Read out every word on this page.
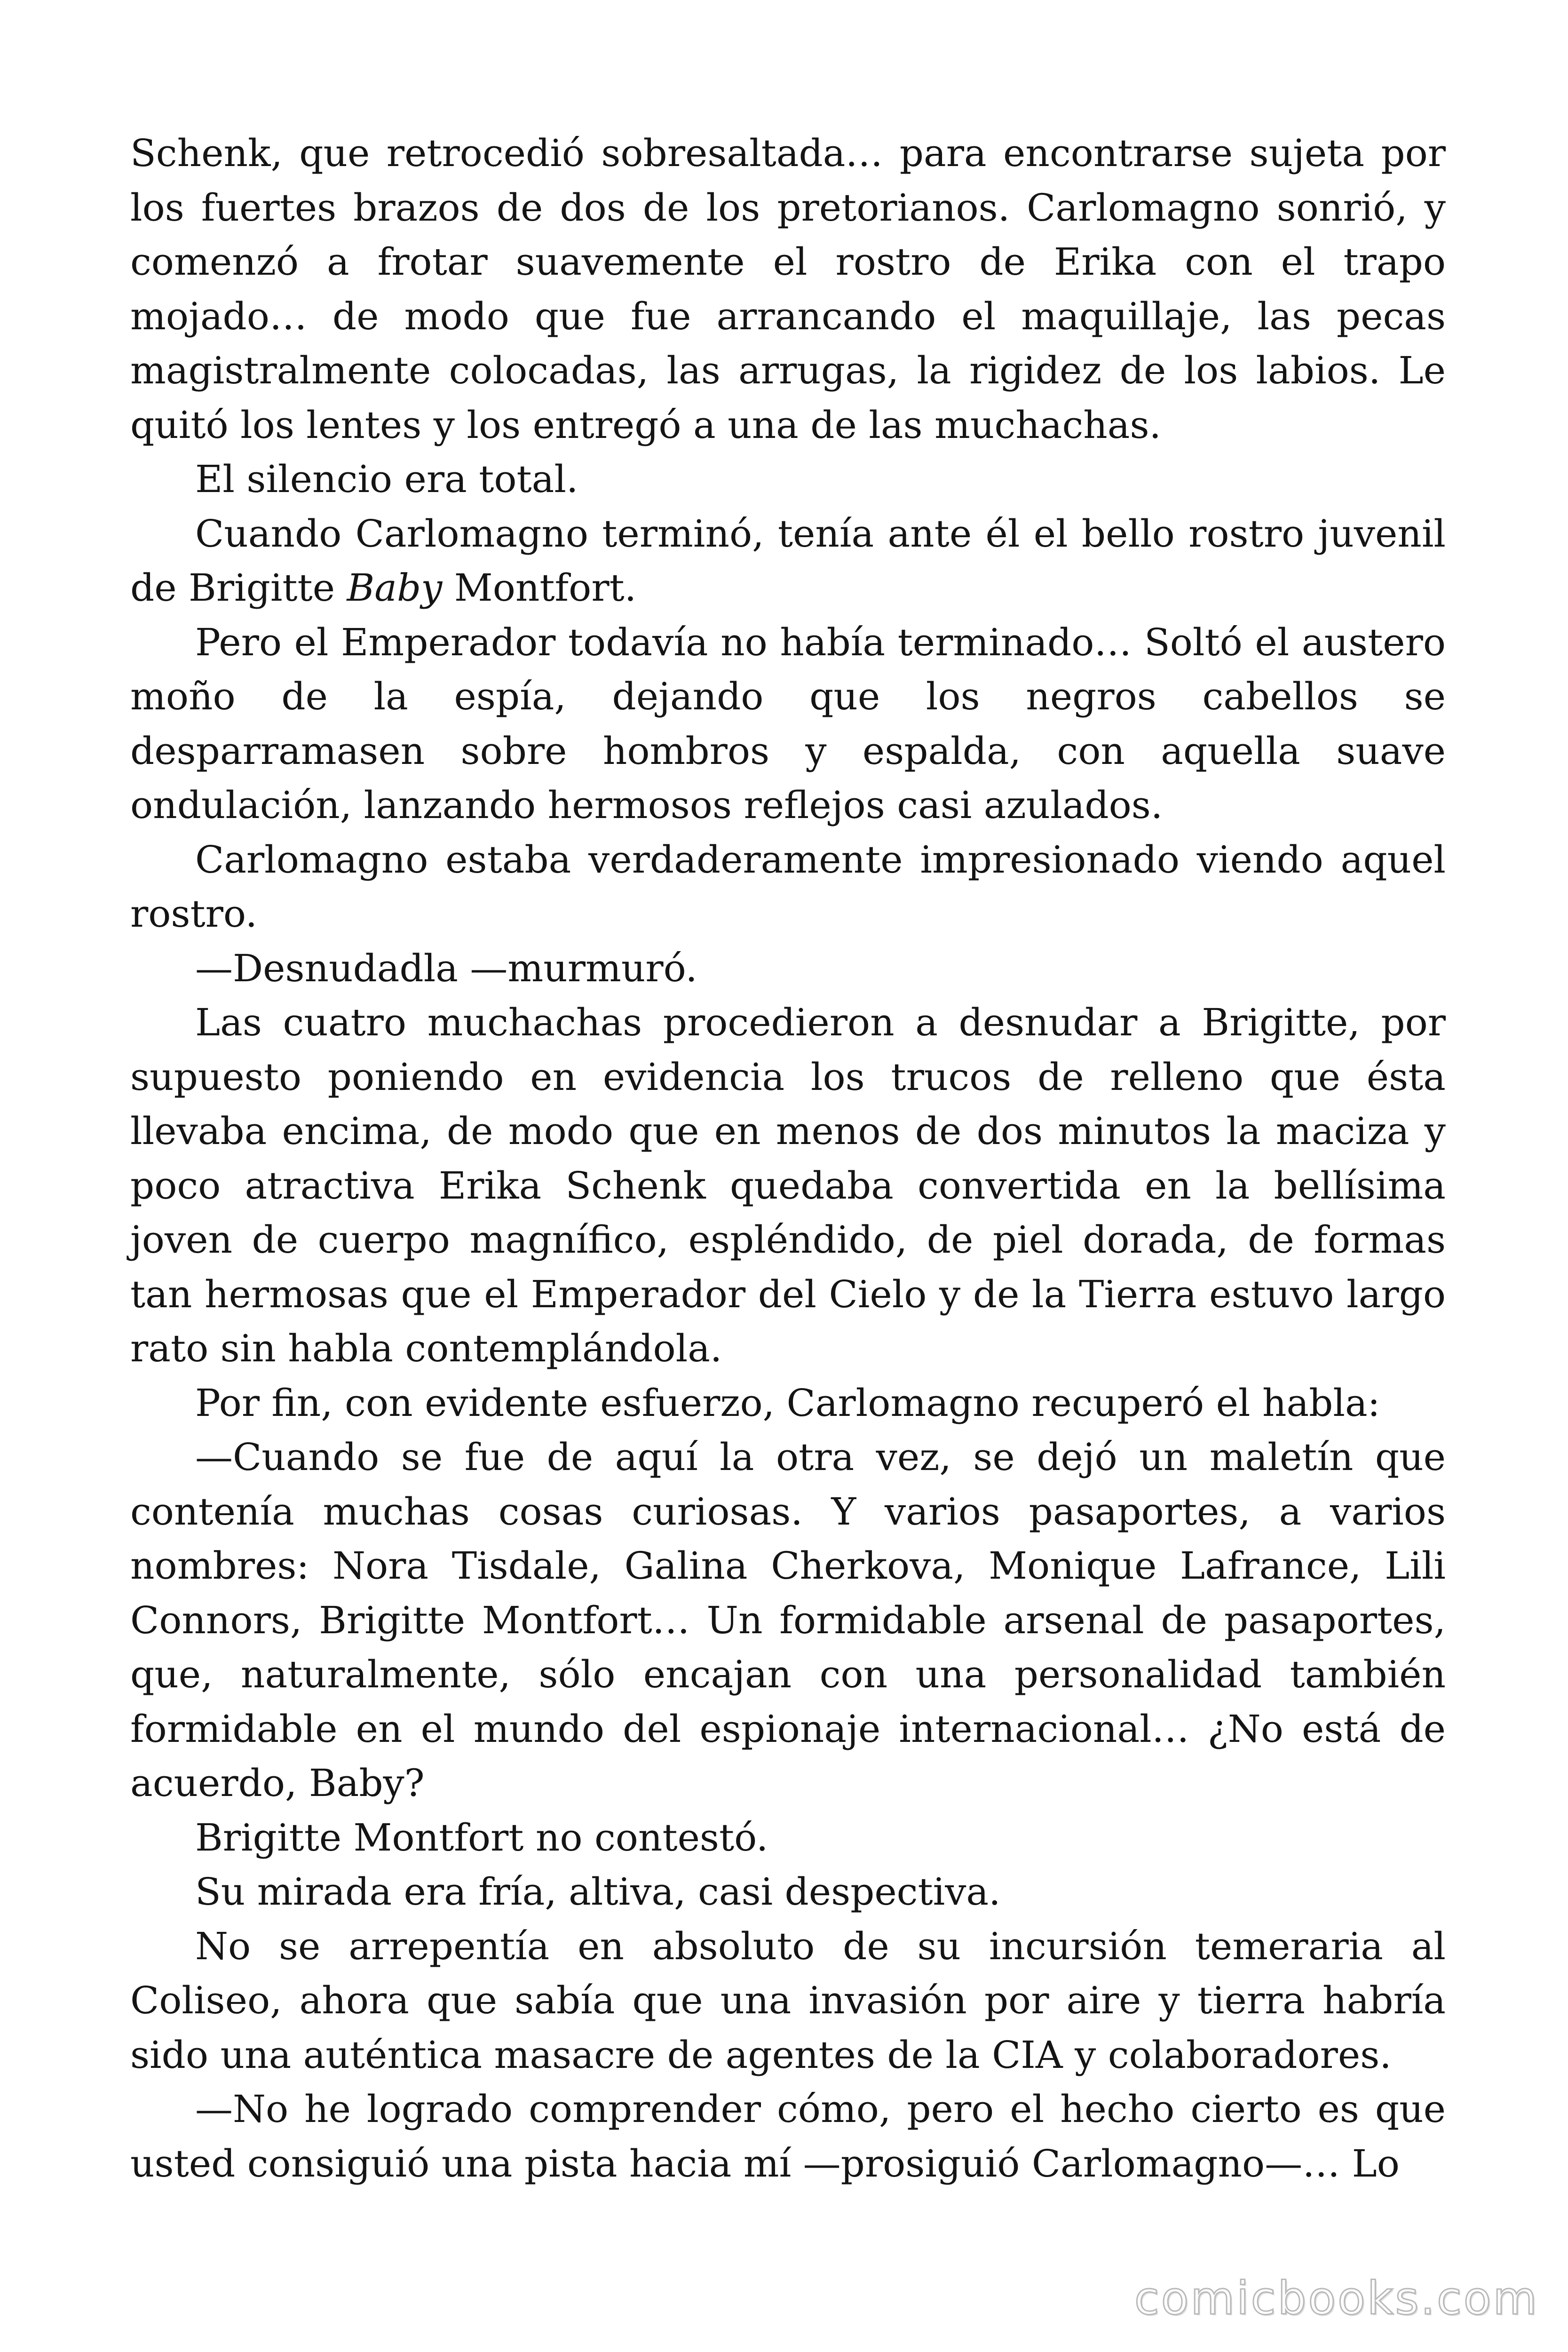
Schenk, que retrocedió sobresaltada… para encontrarse sujeta por los fuertes brazos de dos de los pretorianos. Carlomagno sonrió, y comenzó a frotar suavemente el rostro de Erika con el trapo mojado… de modo que fue arrancando el maquillaje, las pecas magistralmente colocadas, las arrugas, la rigidez de los labios. Le quitó los lentes y los entregó a una de las muchachas.

El silencio era total.

Cuando Carlomagno terminó, tenía ante él el bello rostro juvenil de Brigitte Baby Montfort.

Pero el Emperador todavía no había terminado… Soltó el austero moño de la espía, dejando que los negros cabellos se desparramasen sobre hombros y espalda, con aquella suave ondulación, lanzando hermosos reflejos casi azulados.

Carlomagno estaba verdaderamente impresionado viendo aquel rostro.

—Desnudadla —murmuró.

Las cuatro muchachas procedieron a desnudar a Brigitte, por supuesto poniendo en evidencia los trucos de relleno que ésta llevaba encima, de modo que en menos de dos minutos la maciza y poco atractiva Erika Schenk quedaba convertida en la bellísima joven de cuerpo magnífico, espléndido, de piel dorada, de formas tan hermosas que el Emperador del Cielo y de la Tierra estuvo largo rato sin habla contemplándola.

Por fin, con evidente esfuerzo, Carlomagno recuperó el habla:

—Cuando se fue de aquí la otra vez, se dejó un maletín que contenía muchas cosas curiosas. Y varios pasaportes, a varios nombres: Nora Tisdale, Galina Cherkova, Monique Lafrance, Lili Connors, Brigitte Montfort… Un formidable arsenal de pasaportes, que, naturalmente, sólo encajan con una personalidad también formidable en el mundo del espionaje internacional… ¿No está de acuerdo, Baby?

Brigitte Montfort no contestó.

Su mirada era fría, altiva, casi despectiva.

No se arrepentía en absoluto de su incursión temeraria al Coliseo, ahora que sabía que una invasión por aire y tierra habría sido una auténtica masacre de agentes de la CIA y colaboradores.

—No he logrado comprender cómo, pero el hecho cierto es que usted consiguió una pista hacia mí —prosiguió Carlomagno—… Lo

comicbooks.com
